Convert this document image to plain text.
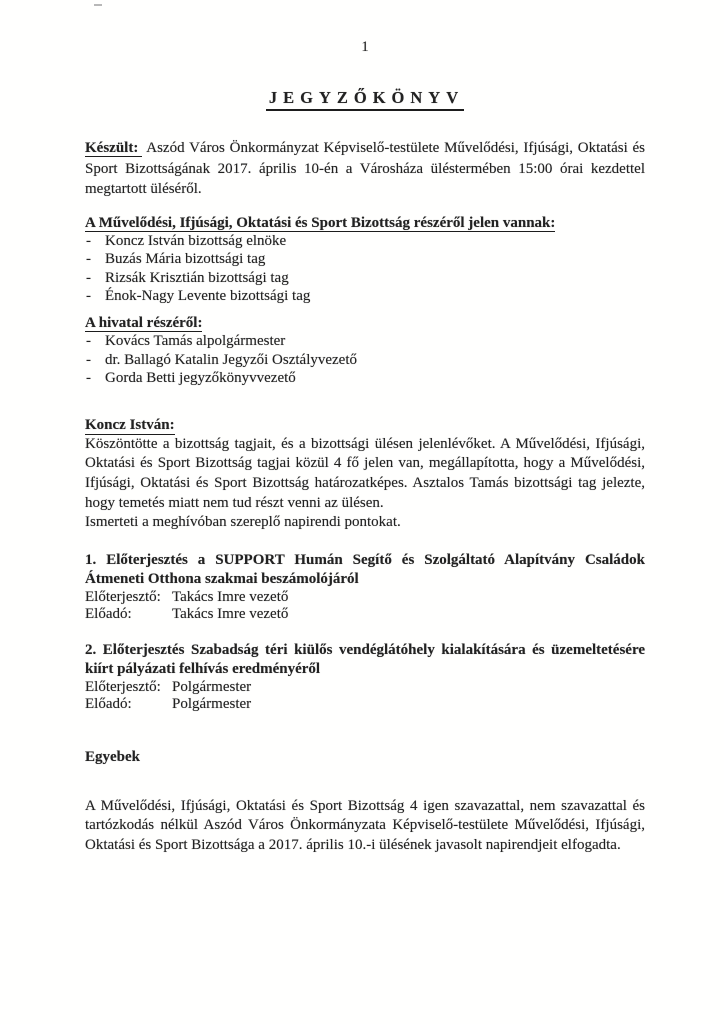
1
JEGYZŐKÖNYV

Készült: Aszód Város Önkormányzat Képviselő-testülete Művelődési, Ifjúsági, Oktatási és Sport Bizottságának 2017. április 10-én a Városháza üléstermében 15:00 órai kezdettel megtartott üléséről.

A Művelődési, Ifjúsági, Oktatási és Sport Bizottság részéről jelen vannak:
- Koncz István bizottság elnöke
- Buzás Mária bizottsági tag
- Rizsák Krisztián bizottsági tag
- Énok-Nagy Levente bizottsági tag
A hivatal részéről:
- Kovács Tamás alpolgármester
- dr. Ballagó Katalin Jegyzői Osztályvezető
- Gorda Betti jegyzőkönyvvezető
Koncz István:

Köszöntötte a bizottság tagjait, és a bizottsági ülésen jelenlévőket. A Művelődési, Ifjúsági, Oktatási és Sport Bizottság tagjai közül 4 fő jelen van, megállapította, hogy a Művelődési, Ifjúsági, Oktatási és Sport Bizottság határozatképes. Asztalos Tamás bizottsági tag jelezte, hogy temetés miatt nem tud részt venni az ülésen.

Ismerteti a meghívóban szereplő napirendi pontokat.

1. Előterjesztés a SUPPORT Humán Segítő és Szolgáltató Alapítvány Családok Átmeneti Otthona szakmai beszámolójáról
Előterjesztő: Takács Imre vezető
Előadó:	Takács Imre vezető
2. Előterjesztés Szabadság téri kiülős vendéglátóhely kialakítására és üzemeltetésére kiírt pályázati felhívás eredményéről
Előterjesztő: Polgármester
Előadó:	Polgármester
Egyebek

A Művelődési, Ifjúsági, Oktatási és Sport Bizottság 4 igen szavazattal, nem szavazattal és tartózkodás nélkül Aszód Város Önkormányzata Képviselő-testülete Művelődési, Ifjúsági, Oktatási és Sport Bizottsága a 2017. április 10.-i ülésének javasolt napirendjeit elfogadta.
